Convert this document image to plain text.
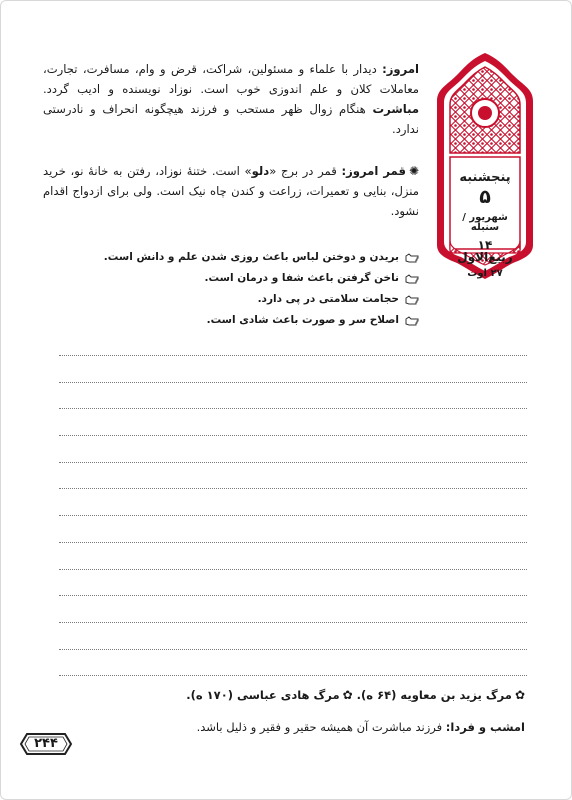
پنجشنبه
۵
شهریور / سنبله
۱۴ ربیع‌الاول
۲۷ اوت
امروز: دیدار با علماء و مسئولین، شراکت، قرض و وام، مسافرت، تجارت، معاملات کلان و علم اندوزی خوب است. نوزاد نویسنده و ادیب گردد. مباشرت هنگام زوال ظهر مستحب و فرزند هیچگونه انحراف و نادرستی ندارد.
✺قمر امروز: قمر در برج «دلو» است. ختنهٔ نوزاد، رفتن به خانهٔ نو، خرید منزل، بنایی و تعمیرات، زراعت و کندن چاه نیک است. ولی برای ازدواج اقدام نشود.
بریدن و دوختن لباس باعث روزی شدن علم و دانش است.
ناخن گرفتن باعث شفا و درمان است.
حجامت سلامتی در پی دارد.
اصلاح سر و صورت باعث شادی است.
✿مرگ یزید بن معاویه (۶۴ ه). ✿مرگ هادی عباسی (۱۷۰ ه).
امشب و فردا: فرزند مباشرت آن همیشه حقیر و فقیر و ذلیل باشد.
۲۴۴
